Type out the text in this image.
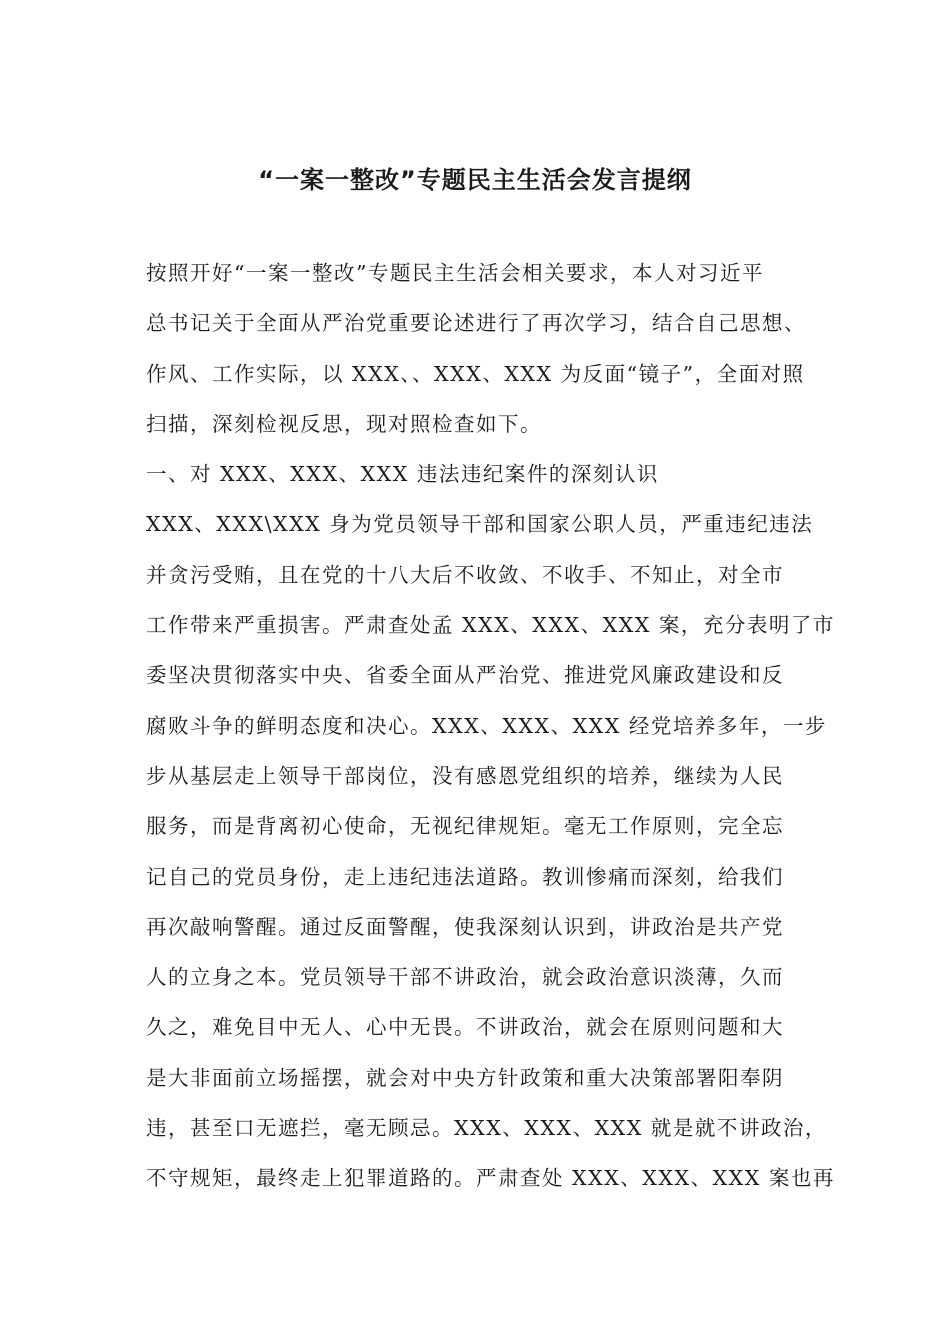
“一案一整改”专题民主生活会发言提纲

按照开好“一案一整改”专题民主生活会相关要求，本人对习近平

总书记关于全面从严治党重要论述进行了再次学习，结合自己思想、

作风、工作实际，以 XXX、、XXX、XXX 为反面“镜子”，全面对照

扫描，深刻检视反思，现对照检查如下。

一、对 XXX、XXX、XXX 违法违纪案件的深刻认识

XXX、XXX\XXX 身为党员领导干部和国家公职人员，严重违纪违法

并贪污受贿，且在党的十八大后不收敛、不收手、不知止，对全市

工作带来严重损害。严肃查处孟 XXX、XXX、XXX 案，充分表明了市

委坚决贯彻落实中央、省委全面从严治党、推进党风廉政建设和反

腐败斗争的鲜明态度和决心。XXX、XXX、XXX 经党培养多年，一步

步从基层走上领导干部岗位，没有感恩党组织的培养，继续为人民

服务，而是背离初心使命，无视纪律规矩。毫无工作原则，完全忘

记自己的党员身份，走上违纪违法道路。教训惨痛而深刻，给我们

再次敲响警醒。通过反面警醒，使我深刻认识到，讲政治是共产党

人的立身之本。党员领导干部不讲政治，就会政治意识淡薄，久而

久之，难免目中无人、心中无畏。不讲政治，就会在原则问题和大

是大非面前立场摇摆，就会对中央方针政策和重大决策部署阳奉阴

违，甚至口无遮拦，毫无顾忌。XXX、XXX、XXX 就是就不讲政治，

不守规矩，最终走上犯罪道路的。严肃查处 XXX、XXX、XXX 案也再
